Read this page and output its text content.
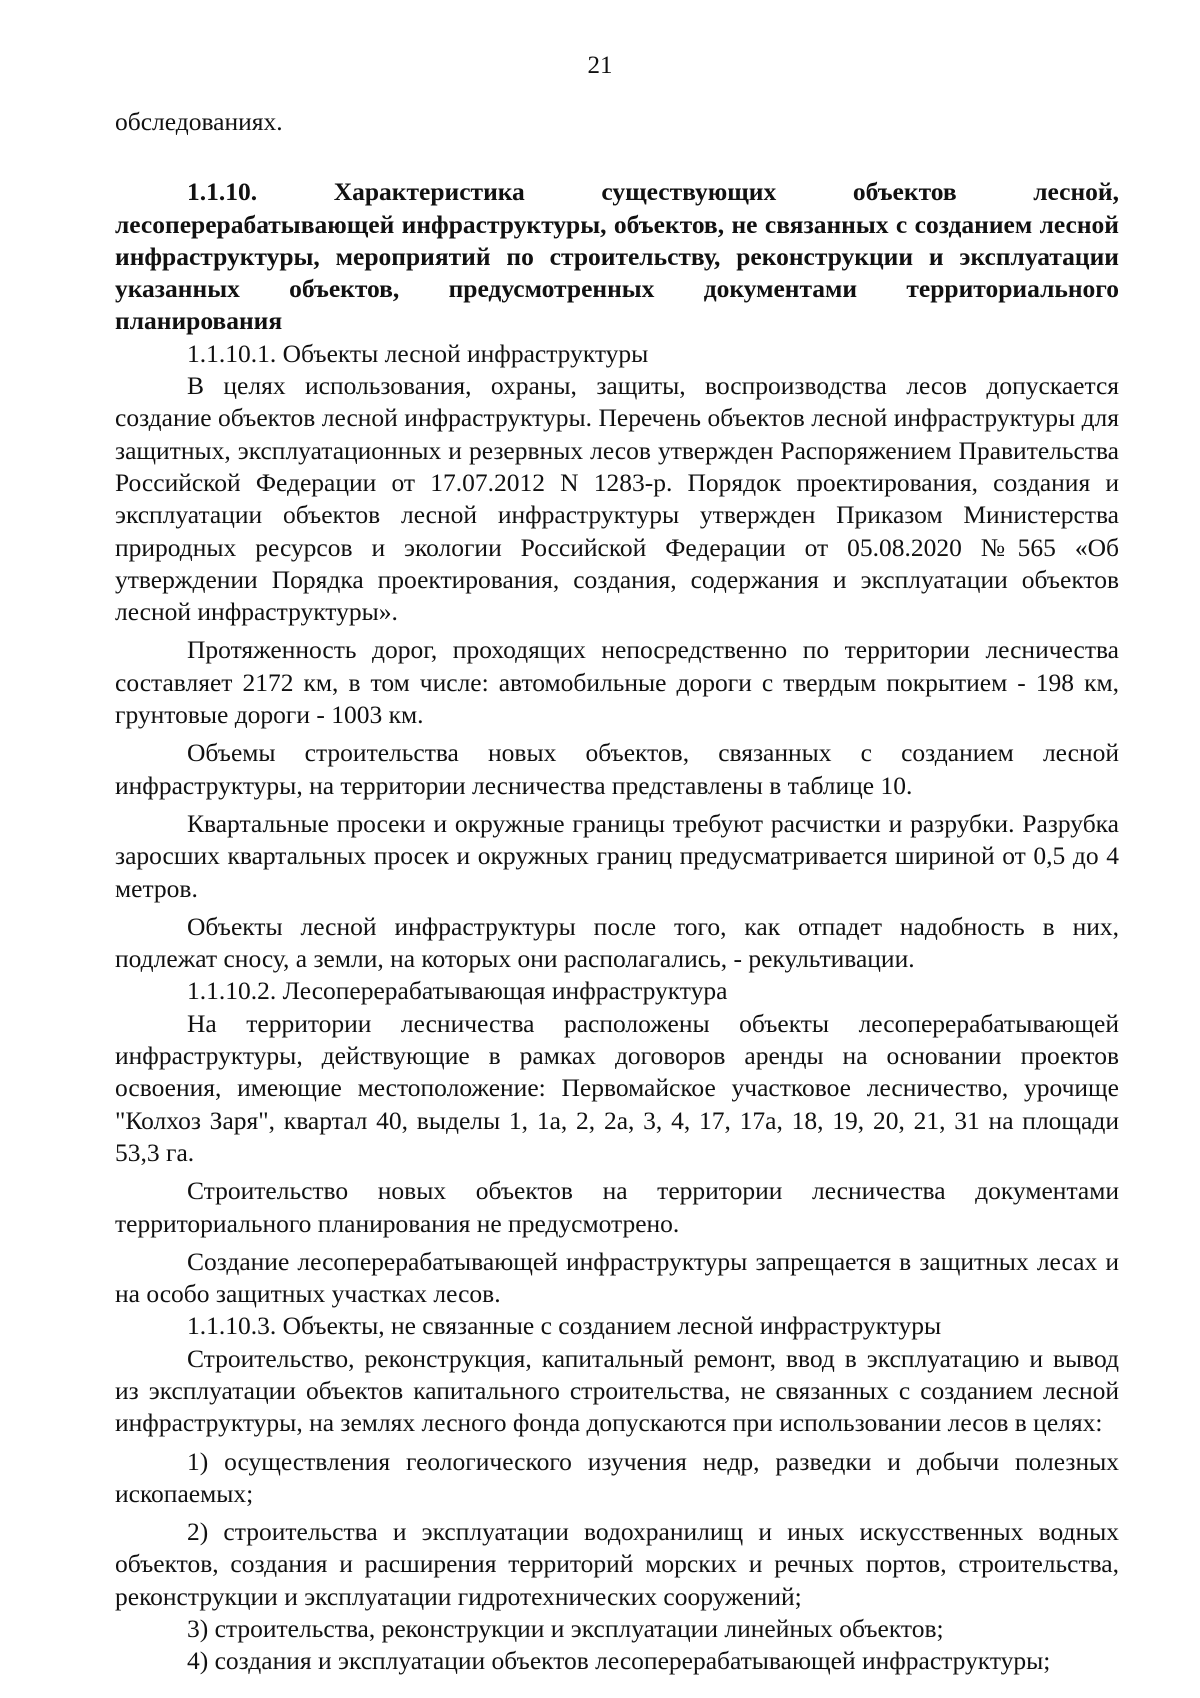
21

обследованиях.

1.1.10. Характеристика существующих объектов лесной, лесоперерабатывающей инфраструктуры, объектов, не связанных с созданием лесной инфраструктуры, мероприятий по строительству, реконструкции и эксплуатации указанных объектов, предусмотренных документами территориального планирования

1.1.10.1. Объекты лесной инфраструктуры

В целях использования, охраны, защиты, воспроизводства лесов допускается создание объектов лесной инфраструктуры. Перечень объектов лесной инфраструктуры для защитных, эксплуатационных и резервных лесов утвержден Распоряжением Правительства Российской Федерации от 17.07.2012 N 1283-р. Порядок проектирования, создания и эксплуатации объектов лесной инфраструктуры утвержден Приказом Министерства природных ресурсов и экологии Российской Федерации от 05.08.2020 №565 «Об утверждении Порядка проектирования, создания, содержания и эксплуатации объектов лесной инфраструктуры».

Протяженность дорог, проходящих непосредственно по территории лесничества составляет 2172 км, в том числе: автомобильные дороги с твердым покрытием - 198 км, грунтовые дороги - 1003 км.

Объемы строительства новых объектов, связанных с созданием лесной инфраструктуры, на территории лесничества представлены в таблице 10.

Квартальные просеки и окружные границы требуют расчистки и разрубки. Разрубка заросших квартальных просек и окружных границ предусматривается шириной от 0,5 до 4 метров.

Объекты лесной инфраструктуры после того, как отпадет надобность в них, подлежат сносу, а земли, на которых они располагались, - рекультивации.

1.1.10.2. Лесоперерабатывающая инфраструктура

На территории лесничества расположены объекты лесоперерабатывающей инфраструктуры, действующие в рамках договоров аренды на основании проектов освоения, имеющие местоположение: Первомайское участковое лесничество, урочище "Колхоз Заря", квартал 40, выделы 1, 1а, 2, 2а, 3, 4, 17, 17а, 18, 19, 20, 21, 31 на площади 53,3 га.

Строительство новых объектов на территории лесничества документами территориального планирования не предусмотрено.

Создание лесоперерабатывающей инфраструктуры запрещается в защитных лесах и на особо защитных участках лесов.

1.1.10.3. Объекты, не связанные с созданием лесной инфраструктуры

Строительство, реконструкция, капитальный ремонт, ввод в эксплуатацию и вывод из эксплуатации объектов капитального строительства, не связанных с созданием лесной инфраструктуры, на землях лесного фонда допускаются при использовании лесов в целях:

1) осуществления геологического изучения недр, разведки и добычи полезных ископаемых;

2) строительства и эксплуатации водохранилищ и иных искусственных водных объектов, создания и расширения территорий морских и речных портов, строительства, реконструкции и эксплуатации гидротехнических сооружений;

3) строительства, реконструкции и эксплуатации линейных объектов;

4) создания и эксплуатации объектов лесоперерабатывающей инфраструктуры;
